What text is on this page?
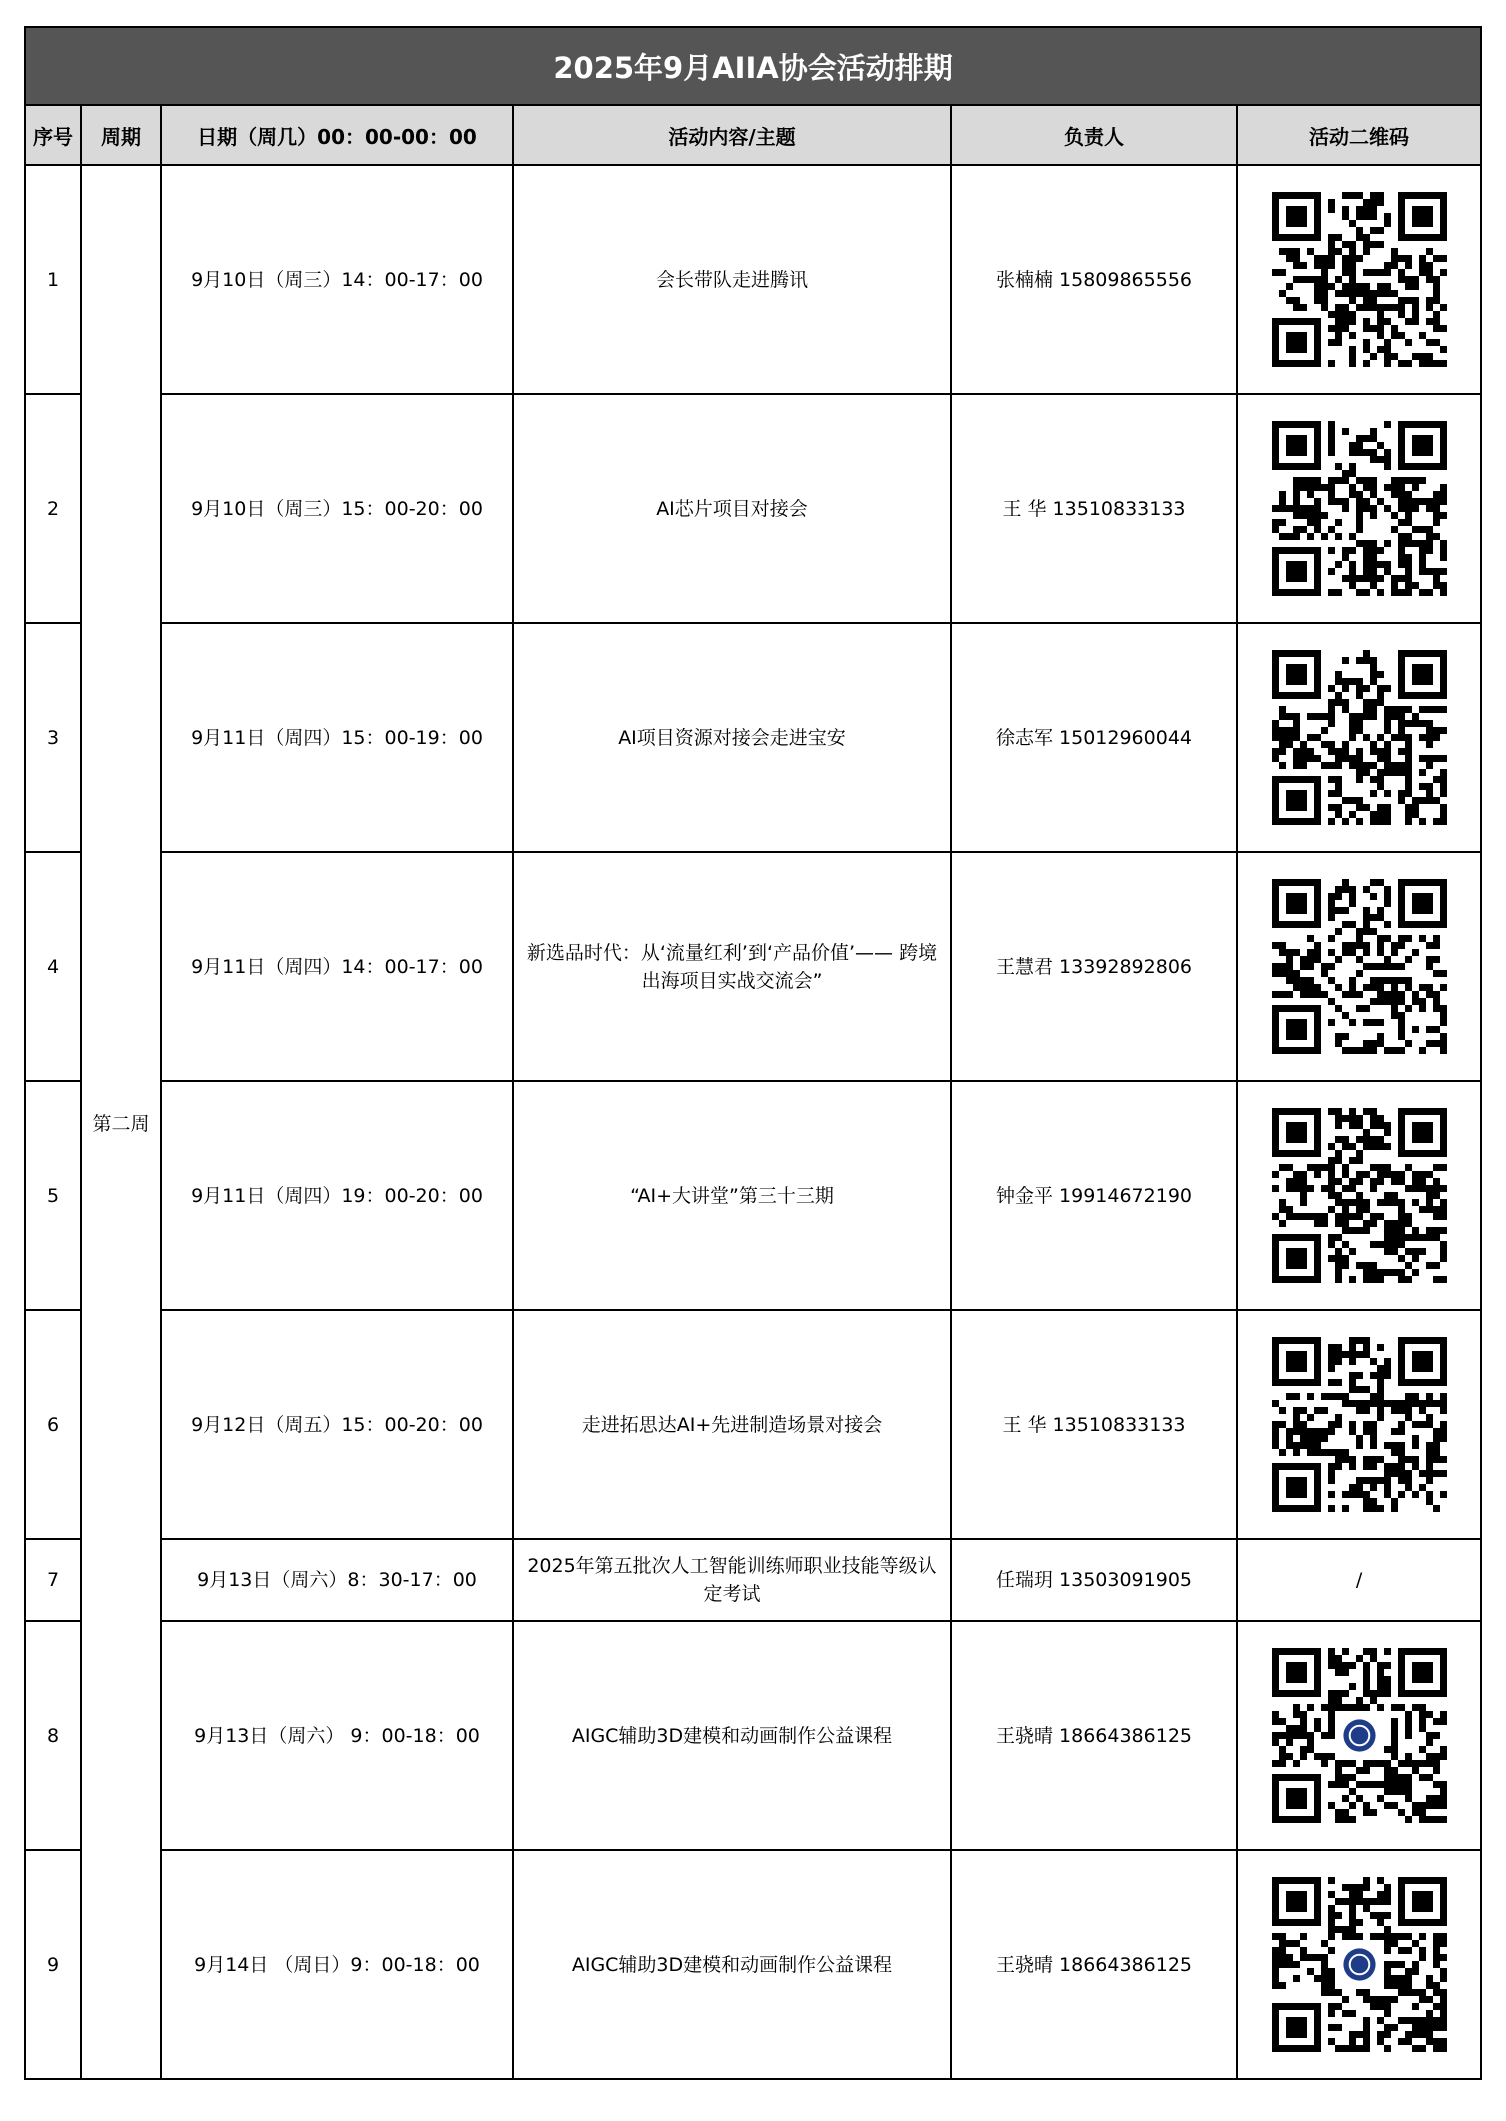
2025年9月AIIA协会活动排期					
序号	周期	日期（周几）00：00-00：00	活动内容/主题	负责人	活动二维码
1	第二周	9月10日（周三）14：00-17：00	会长带队走进腾讯	张楠楠 15809865556	

2		9月10日（周三）15：00-20：00	AI芯片项目对接会	王 华 13510833133	

3		9月11日（周四）15：00-19：00	AI项目资源对接会走进宝安	徐志军 15012960044	

4		9月11日（周四）14：00-17：00	新选品时代：从‘流量红利’到‘产品价值’—— 跨境出海项目实战交流会”	王慧君 13392892806	

5		9月11日（周四）19：00-20：00	“AI+大讲堂”第三十三期	钟金平 19914672190	

6		9月12日（周五）15：00-20：00	走进拓思达AI+先进制造场景对接会	王 华 13510833133	

7		9月13日（周六）8：30-17：00	2025年第五批次人工智能训练师职业技能等级认定考试	任瑞玥 13503091905	/
8		9月13日（周六） 9：00-18：00	AIGC辅助3D建模和动画制作公益课程	王骁晴 18664386125	

9		9月14日 （周日）9：00-18：00	AIGC辅助3D建模和动画制作公益课程	王骁晴 18664386125	
